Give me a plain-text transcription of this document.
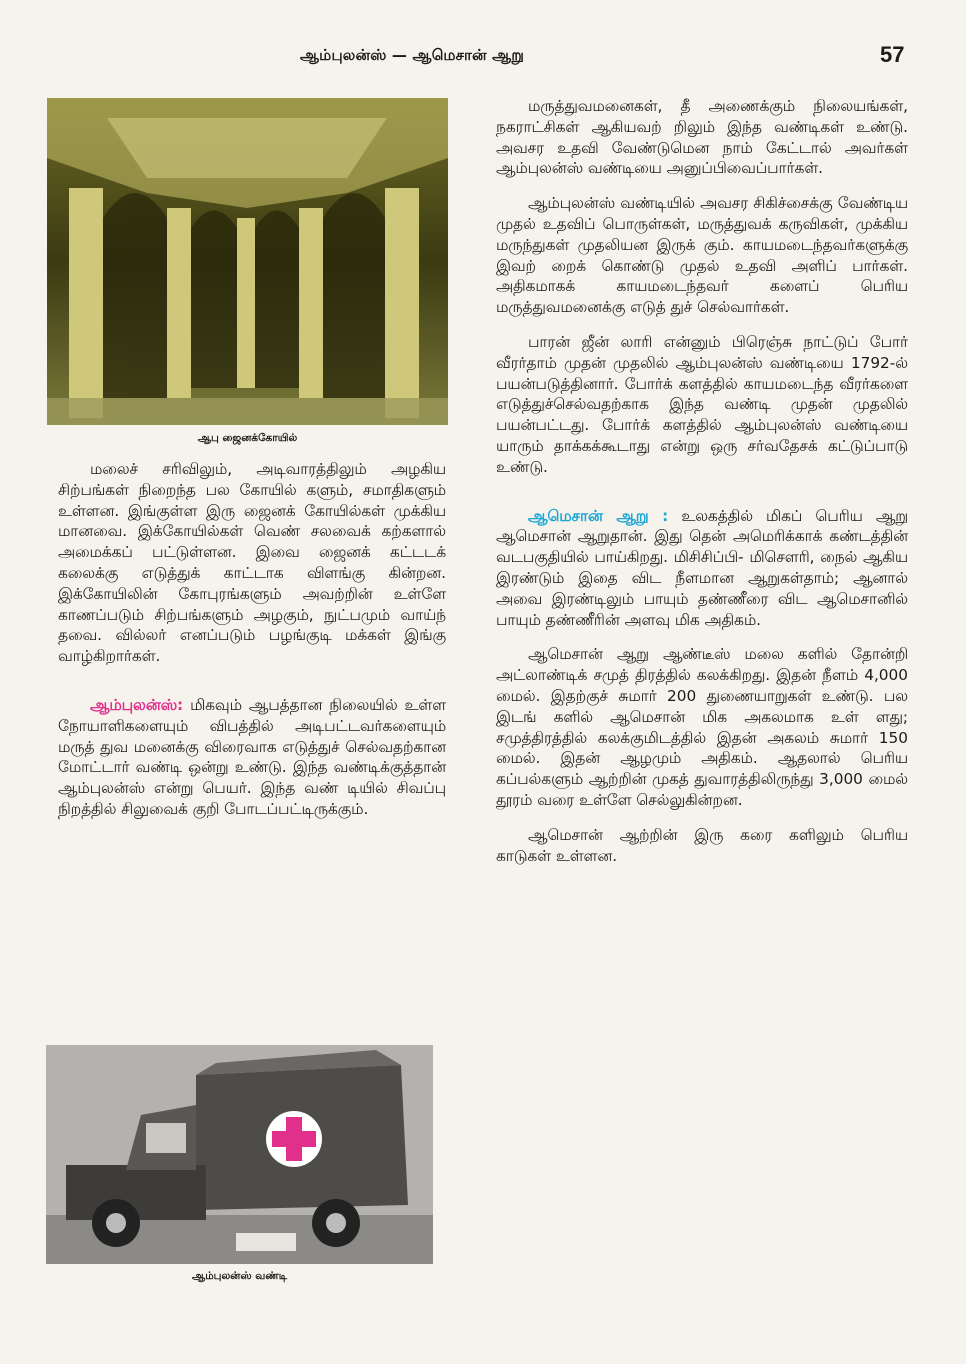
ஆம்புலன்ஸ் — ஆமெசான் ஆறு	57
ஆபு ஜைனக்கோயில்

மலைச் சரிவிலும், அடிவாரத்திலும் அழகிய சிற்பங்கள் நிறைந்த பல கோயில் களும், சமாதிகளும் உள்ளன. இங்குள்ள இரு ஜைனக் கோயில்கள் முக்கிய மானவை. இக்கோயில்கள் வெண் சலவைக் கற்களால் அமைக்கப் பட்டுள்ளன. இவை ஜைனக் கட்டடக் கலைக்கு எடுத்துக் காட்டாக விளங்கு கின்றன. இக்கோயிலின் கோபுரங்களும் அவற்றின் உள்ளே காணப்படும் சிற்பங்களும் அழகும், நுட்பமும் வாய்ந் தவை. வில்லர் எனப்படும் பழங்குடி மக்கள் இங்கு வாழ்கிறார்கள்.

ஆம்புலன்ஸ்: மிகவும் ஆபத்தான நிலையில் உள்ள நோயாளிகளையும் விபத்தில் அடிபட்டவர்களையும் மருத் துவ மனைக்கு விரைவாக எடுத்துச் செல்வதற்கான மோட்டார் வண்டி ஒன்று உண்டு. இந்த வண்டிக்குத்தான் ஆம்புலன்ஸ் என்று பெயர். இந்த வண் டியில் சிவப்பு நிறத்தில் சிலுவைக் குறி போடப்பட்டிருக்கும்.

ஆம்புலன்ஸ் வண்டி

மருத்துவமனைகள், தீ அணைக்கும் நிலையங்கள், நகராட்சிகள் ஆகியவற் றிலும் இந்த வண்டிகள் உண்டு. அவசர உதவி வேண்டுமென நாம் கேட்டால் அவர்கள் ஆம்புலன்ஸ் வண்டியை அனுப்பிவைப்பார்கள்.

ஆம்புலன்ஸ் வண்டியில் அவசர சிகிச்சைக்கு வேண்டிய முதல் உதவிப் பொருள்கள், மருத்துவக் கருவிகள், முக்கிய மருந்துகள் முதலியன இருக் கும். காயமடைந்தவர்களுக்கு இவற் றைக் கொண்டு முதல் உதவி அளிப் பார்கள். அதிகமாகக் காயமடைந்தவர் களைப் பெரிய மருத்துவமனைக்கு எடுத் துச் செல்வார்கள்.

பாரன் ஜீன் லாரி என்னும் பிரெஞ்சு நாட்டுப் போர் வீரர்தாம் முதன் முதலில் ஆம்புலன்ஸ் வண்டியை 1792-ல் பயன்படுத்தினார். போர்க் களத்தில் காயமடைந்த வீரர்களை எடுத்துச்செல்வதற்காக இந்த வண்டி முதன் முதலில் பயன்பட்டது. போர்க் களத்தில் ஆம்புலன்ஸ் வண்டியை யாரும் தாக்கக்கூடாது என்று ஒரு சர்வதேசக் கட்டுப்பாடு உண்டு.

ஆமெசான் ஆறு : உலகத்தில் மிகப் பெரிய ஆறு ஆமெசான் ஆறுதான். இது தென் அமெரிக்காக் கண்டத்தின் வடபகுதியில் பாய்கிறது. மிசிசிப்பி- மிசௌரி, நைல் ஆகிய இரண்டும் இதை விட நீளமான ஆறுகள்தாம்; ஆனால் அவை இரண்டிலும் பாயும் தண்ணீரை விட ஆமெசானில் பாயும் தண்ணீரின் அளவு மிக அதிகம்.

ஆமெசான் ஆறு ஆண்டீஸ் மலை களில் தோன்றி அட்லாண்டிக் சமுத் திரத்தில் கலக்கிறது. இதன் நீளம் 4,000 மைல். இதற்குச் சுமார் 200 துணையாறுகள் உண்டு. பல இடங் களில் ஆமெசான் மிக அகலமாக உள் ளது; சமுத்திரத்தில் கலக்குமிடத்தில் இதன் அகலம் சுமார் 150 மைல். இதன் ஆழமும் அதிகம். ஆதலால் பெரிய கப்பல்களும் ஆற்றின் முகத் துவாரத்திலிருந்து 3,000 மைல் தூரம் வரை உள்ளே செல்லுகின்றன.

ஆமெசான் ஆற்றின் இரு கரை களிலும் பெரிய காடுகள் உள்ளன.
